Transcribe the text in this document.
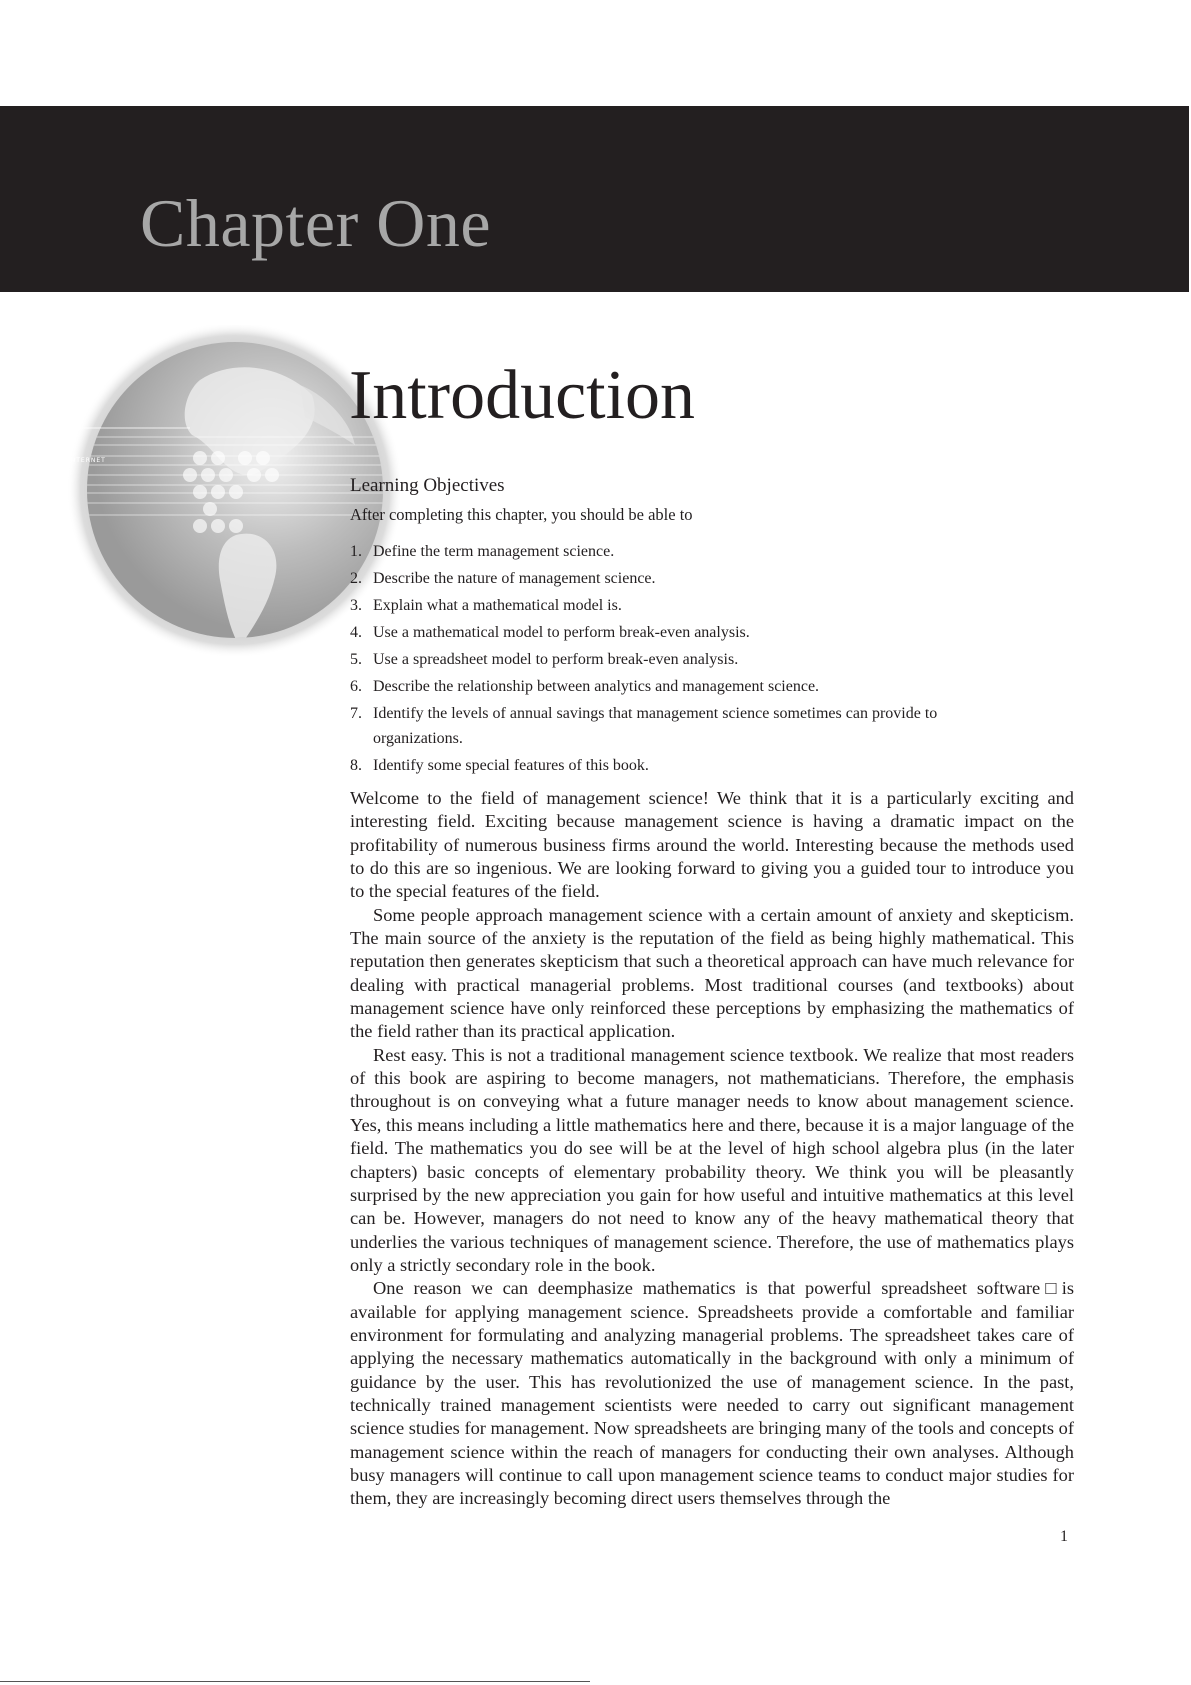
Chapter One
INTERNET
Introduction
Learning Objectives

After completing this chapter, you should be able to

1. Define the term management science.
2. Describe the nature of management science.
3. Explain what a mathematical model is.
4. Use a mathematical model to perform break-even analysis.
5. Use a spreadsheet model to perform break-even analysis.
6. Describe the relationship between analytics and management science.
7. Identify the levels of annual savings that management science sometimes can provide to organizations.
8. Identify some special features of this book.

Welcome to the field of management science! We think that it is a particularly exciting and interesting field. Exciting because management science is having a dramatic impact on the profitability of numerous business firms around the world. Interesting because the methods used to do this are so ingenious. We are looking forward to giving you a guided tour to introduce you to the special features of the field.

Some people approach management science with a certain amount of anxiety and skepticism. The main source of the anxiety is the reputation of the field as being highly mathematical. This reputation then generates skepticism that such a theoretical approach can have much relevance for dealing with practical managerial problems. Most traditional courses (and textbooks) about management science have only reinforced these perceptions by emphasizing the mathematics of the field rather than its practical application.

Rest easy. This is not a traditional management science textbook. We realize that most readers of this book are aspiring to become managers, not mathematicians. Therefore, the emphasis throughout is on conveying what a future manager needs to know about management science. Yes, this means including a little mathematics here and there, because it is a major language of the field. The mathematics you do see will be at the level of high school algebra plus (in the later chapters) basic concepts of elementary probability theory. We think you will be pleasantly surprised by the new appreciation you gain for how useful and intuitive mathematics at this level can be. However, managers do not need to know any of the heavy mathematical theory that underlies the various techniques of management science. Therefore, the use of mathematics plays only a strictly secondary role in the book.

One reason we can deemphasize mathematics is that powerful spreadsheet software□is available for applying management science. Spreadsheets provide a comfortable and familiar environment for formulating and analyzing managerial problems. The spreadsheet takes care of applying the necessary mathematics automatically in the background with only a minimum of guidance by the user. This has revolutionized the use of management science. In the past, technically trained management scientists were needed to carry out significant management science studies for management. Now spreadsheets are bringing many of the tools and concepts of management science within the reach of managers for conducting their own analyses. Although busy managers will continue to call upon management science teams to conduct major studies for them, they are increasingly becoming direct users themselves through the

1
